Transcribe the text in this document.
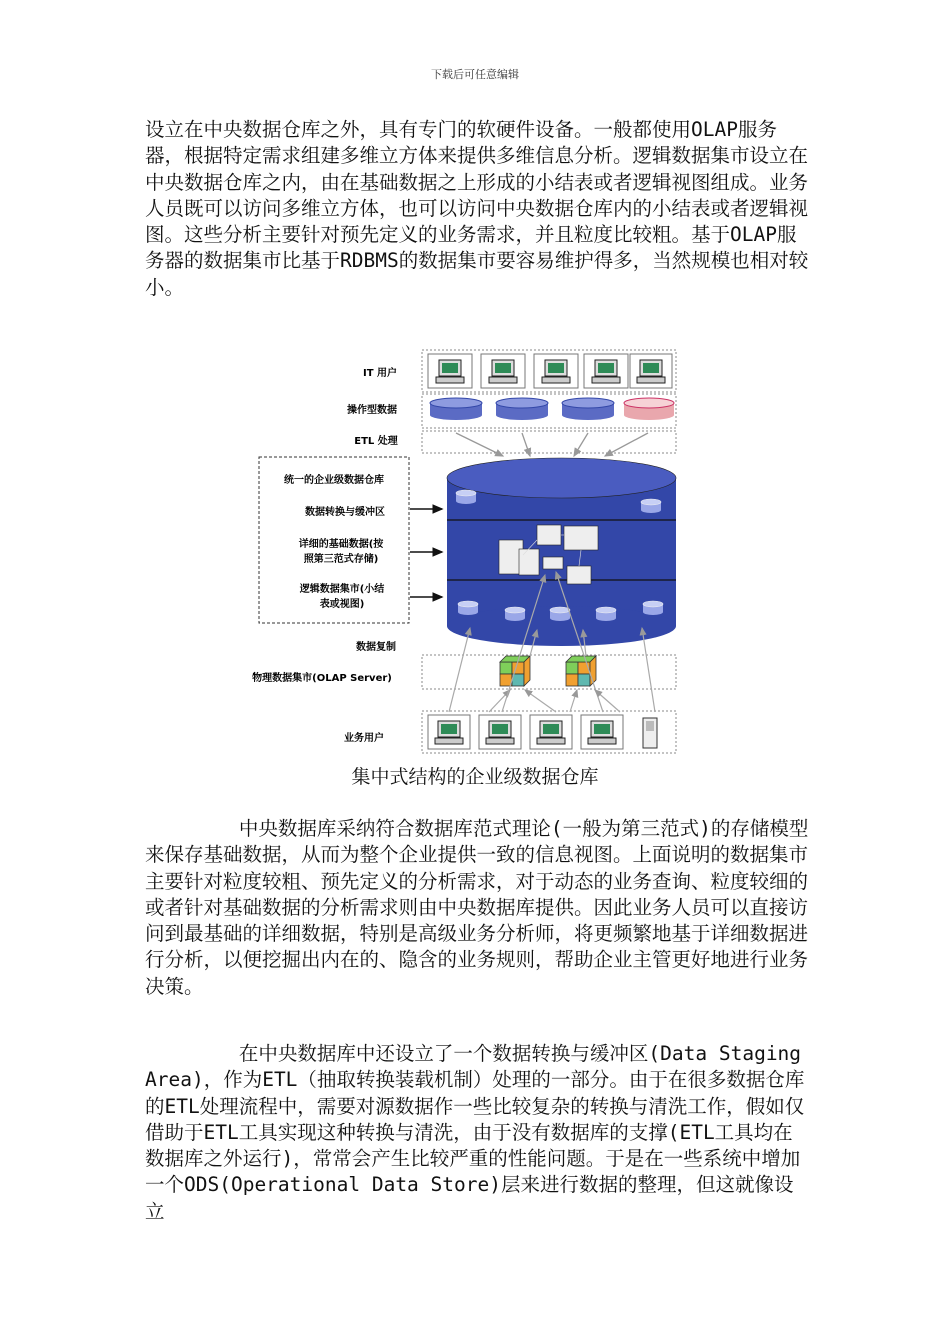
下载后可任意编辑

设立在中央数据仓库之外，具有专门的软硬件设备。一般都使用OLAP服务器，根据特定需求组建多维立方体来提供多维信息分析。逻辑数据集市设立在中央数据仓库之内，由在基础数据之上形成的小结表或者逻辑视图组成。业务人员既可以访问多维立方体，也可以访问中央数据仓库内的小结表或者逻辑视图。这些分析主要针对预先定义的业务需求，并且粒度比较粗。基于OLAP服务器的数据集市比基于RDBMS的数据集市要容易维护得多，当然规模也相对较小。

IT 用户
操作型数据
ETL 处理
统一的企业级数据仓库
数据转换与缓冲区
详细的基础数据(按
照第三范式存储)
逻辑数据集市(小结
表或视图)
数据复制
物理数据集市(OLAP Server)
业务用户
集中式结构的企业级数据仓库

中央数据库采纳符合数据库范式理论(一般为第三范式)的存储模型来保存基础数据，从而为整个企业提供一致的信息视图。上面说明的数据集市主要针对粒度较粗、预先定义的分析需求，对于动态的业务查询、粒度较细的或者针对基础数据的分析需求则由中央数据库提供。因此业务人员可以直接访问到最基础的详细数据，特别是高级业务分析师，将更频繁地基于详细数据进行分析，以便挖掘出内在的、隐含的业务规则，帮助企业主管更好地进行业务决策。

在中央数据库中还设立了一个数据转换与缓冲区(Data Staging Area)，作为ETL（抽取转换装载机制）处理的一部分。由于在很多数据仓库的ETL处理流程中，需要对源数据作一些比较复杂的转换与清洗工作，假如仅借助于ETL工具实现这种转换与清洗，由于没有数据库的支撑(ETL工具均在数据库之外运行)，常常会产生比较严重的性能问题。于是在一些系统中增加一个ODS(Operational Data Store)层来进行数据的整理，但这就像设立
